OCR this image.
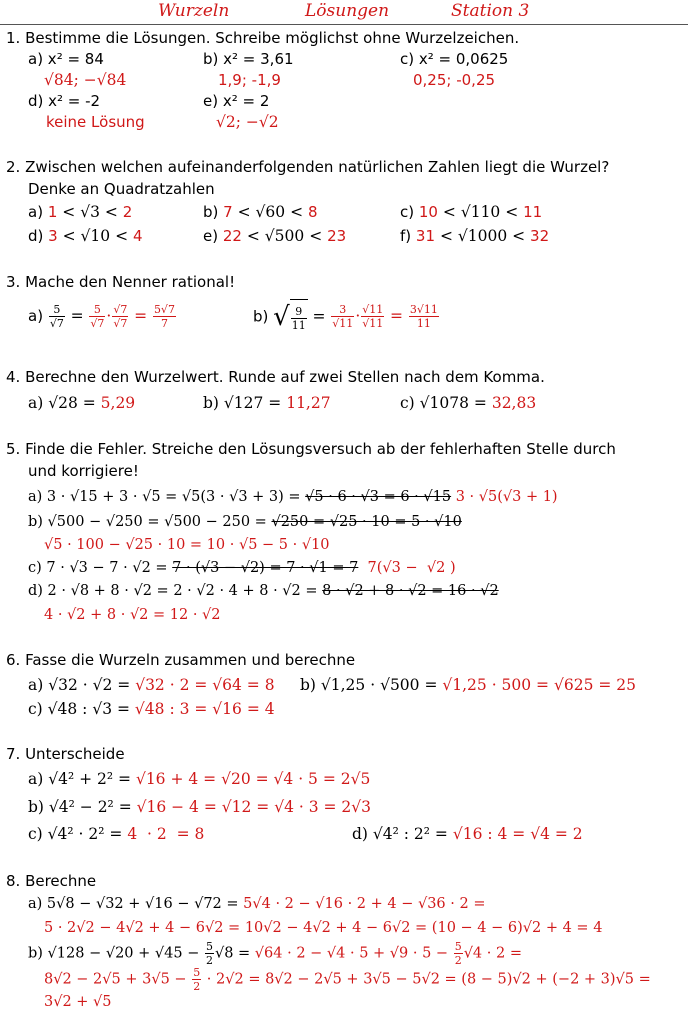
Wurzeln	Lösungen	Station 3
1. Bestimme die Lösungen. Schreibe möglichst ohne Wurzelzeichen.
a) x² = 84	b) x² = 3,61	c) x² = 0,0625
√84; −√84	1,9; -1,9	0,25; -0,25
d) x² = -2	e) x² = 2
keine Lösung	√2; −√2
2. Zwischen welchen aufeinanderfolgenden natürlichen Zahlen liegt die Wurzel?
Denke an Quadratzahlen
a) 1 < √3 < 2	b) 7 < √60 < 8	c) 10 < √110 < 11
d) 3 < √10 < 4	e) 22 < √500 < 23	f) 31 < √1000 < 32
3. Mache den Nenner rational!
$a) \frac{5}{√7} = \frac{5}{√7} \cdot \frac{√7}{√7} = \frac{5√7}{7}$	b) √ $\frac{9}{11} = \frac{3}{√11} \cdot \frac{√11}{√11} = \frac{3√11}{11}$
4. Berechne den Wurzelwert. Runde auf zwei Stellen nach dem Komma.
a) √28 = 5,29	b) √127 = 11,27	c) √1078 = 32,83
5. Finde die Fehler. Streiche den Lösungsversuch ab der fehlerhaften Stelle durch
und korrigiere!
a) 3 · √15 + 3 · √5 = √5(3 · √3 + 3) = √5 · 6 · √3 = 6 · √15 3 · √5(√3 + 1)
b) √500 − √250 = √500 − 250 = √250 = √25 · 10 = 5 · √10
√5 · 100 − √25 · 10 = 10 · √5 − 5 · √10
c) 7 · √3 − 7 · √2 = 7 · (√3 − √2) = 7 · √1 = 7  7(√3 −  √2 )
d) 2 · √8 + 8 · √2 = 2 · √2 · 4 + 8 · √2 = 8 · √2 + 8 · √2 = 16 · √2
4 · √2 + 8 · √2 = 12 · √2
6. Fasse die Wurzeln zusammen und berechne
a) √32 · √2 = √32 · 2 = √64 = 8 b) √1,25 · √500 = √1,25 · 500 = √625 = 25
c) √48 : √3 = √48 : 3 = √16 = 4
7. Unterscheide
a) √4² + 2² = √16 + 4 = √20 = √4 · 5 = 2√5
b) √4² − 2² = √16 − 4 = √12 = √4 · 3 = 2√3
c) √4² · 2² = 4  · 2  = 8	d) √4² : 2² = √16 : 4 = √4 = 2
8. Berechne
a) 5√8 − √32 + √16 − √72 = 5√4 · 2 − √16 · 2 + 4 − √36 · 2 =
5 · 2√2 − 4√2 + 4 − 6√2 = 10√2 − 4√2 + 4 − 6√2 = (10 − 4 − 6)√2 + 4 = 4
b) $√128 - √20 + √45 - \frac{5}{2} √8 = √64 \cdot 2 - √4 \cdot 5 + √9 \cdot 5 - \frac{5}{2} √4 \cdot 2$ =
$8√2 - 2√5 + 3√5 - \frac{5}{2} \cdot 2√2 = 8√2 - 2√5 + 3√5 - 5√2 = (8 - 5)√2 + (-2 + 3)√5$ =
3√2 + √5
